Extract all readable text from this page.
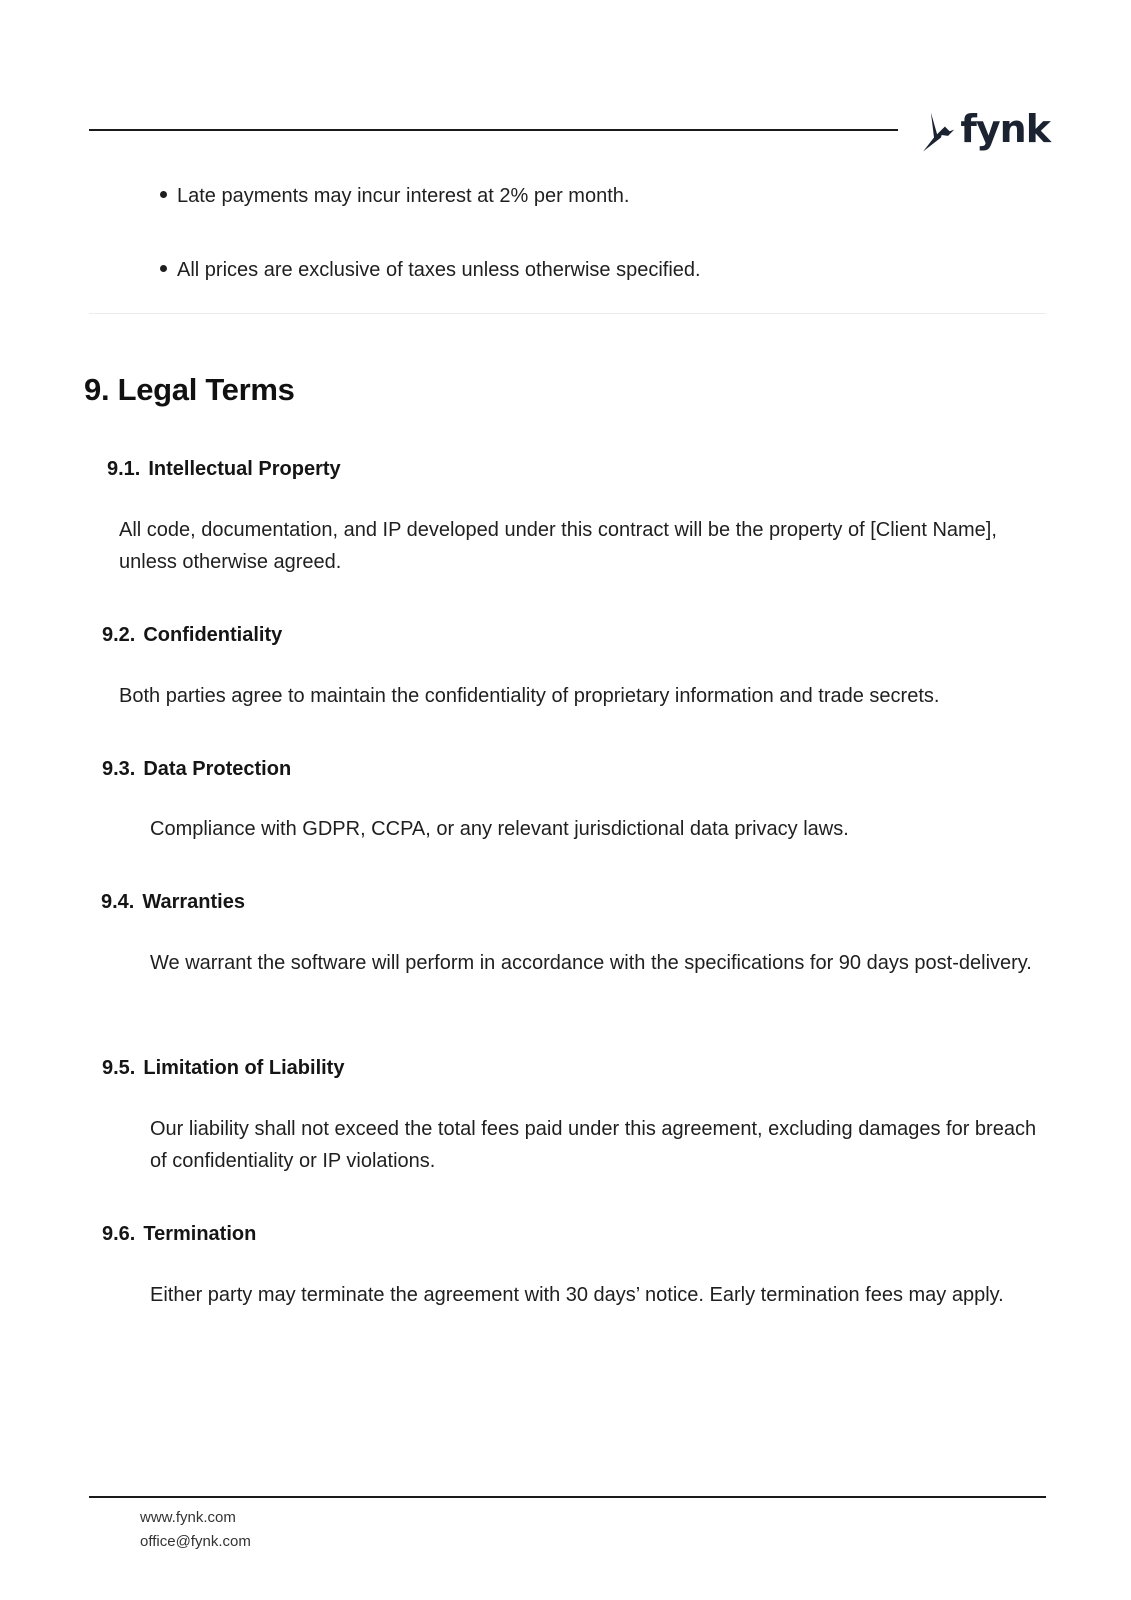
fynk
Late payments may incur interest at 2% per month.
All prices are exclusive of taxes unless otherwise specified.
9. Legal Terms
9.1. Intellectual Property
All code, documentation, and IP developed under this contract will be the property of [Client Name], unless otherwise agreed.
9.2. Confidentiality
Both parties agree to maintain the confidentiality of proprietary information and trade secrets.
9.3. Data Protection
Compliance with GDPR, CCPA, or any relevant jurisdictional data privacy laws.
9.4. Warranties
We warrant the software will perform in accordance with the specifications for 90 days post-delivery.
9.5. Limitation of Liability
Our liability shall not exceed the total fees paid under this agreement, excluding damages for breach of confidentiality or IP violations.
9.6. Termination
Either party may terminate the agreement with 30 days’ notice. Early termination fees may apply.
www.fynk.com
office@fynk.com
